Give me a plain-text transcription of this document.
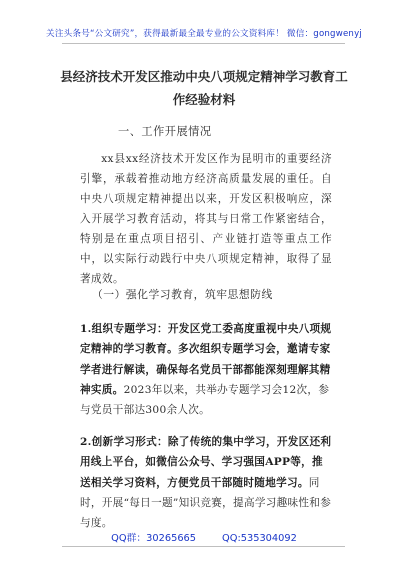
关注头条号“公文研究”，获得最新最全最专业的公文资料库！ 微信：gongwenyj
县经济技术开发区推动中央八项规定精神学习教育工作经验材料
一、工作开展情况
xx县xx经济技术开发区作为昆明市的重要经济引擎，承载着推动地方经济高质量发展的重任。自中央八项规定精神提出以来，开发区积极响应，深入开展学习教育活动，将其与日常工作紧密结合，特别是在重点项目招引、产业链打造等重点工作中，以实际行动践行中央八项规定精神，取得了显著成效。
（一）强化学习教育，筑牢思想防线
1.组织专题学习：开发区党工委高度重视中央八项规定精神的学习教育。多次组织专题学习会，邀请专家学者进行解读，确保每名党员干部都能深刻理解其精神实质。2023年以来，共举办专题学习会12次，参与党员干部达300余人次。
2.创新学习形式：除了传统的集中学习，开发区还利用线上平台，如微信公众号、学习强国APP等，推送相关学习资料，方便党员干部随时随地学习。同时，开展“每日一题”知识竞赛，提高学习趣味性和参与度。
QQ群：30265665	QQ:535304092
